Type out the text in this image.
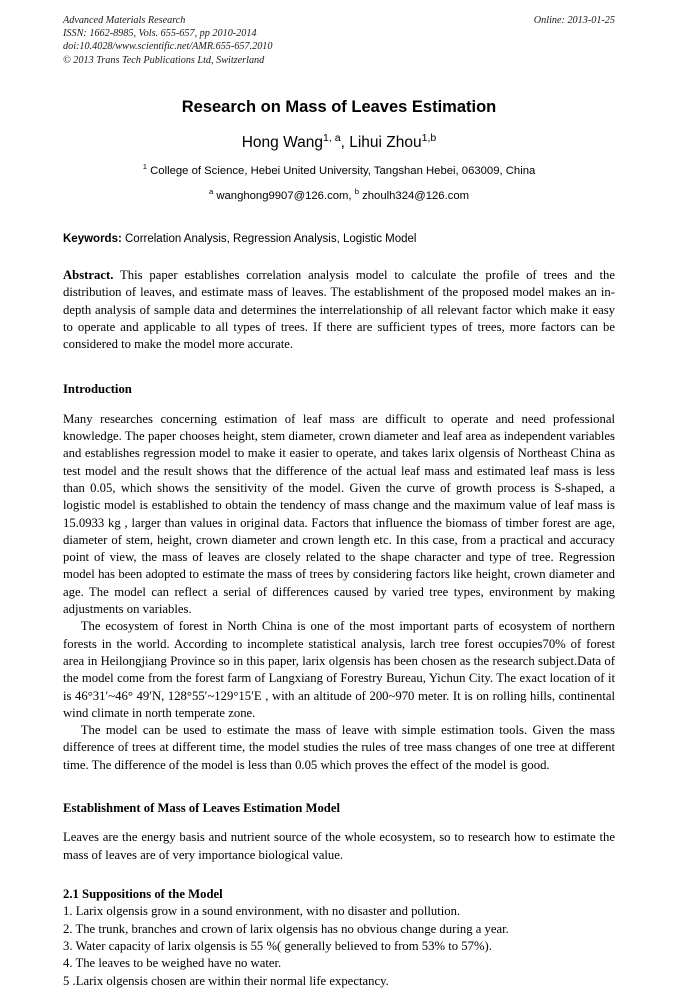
Advanced Materials Research
ISSN: 1662-8985, Vols. 655-657, pp 2010-2014
doi:10.4028/www.scientific.net/AMR.655-657.2010
© 2013 Trans Tech Publications Ltd, Switzerland
Online: 2013-01-25
Research on Mass of Leaves Estimation
Hong Wang$^{1, a}$, Lihui Zhou$^{1,b}$
$^1$ College of Science, Hebei United University, Tangshan Hebei, 063009, China
$^a$ wanghong9907@126.com, $^b$ zhoulh324@126.com
Keywords: Correlation Analysis, Regression Analysis, Logistic Model
Abstract. This paper establishes correlation analysis model to calculate the profile of trees and the distribution of leaves, and estimate mass of leaves. The establishment of the proposed model makes an in-depth analysis of sample data and determines the interrelationship of all relevant factor which make it easy to operate and applicable to all types of trees. If there are sufficient types of trees, more factors can be considered to make the model more accurate.
Introduction

Many researches concerning estimation of leaf mass are difficult to operate and need professional knowledge. The paper chooses height, stem diameter, crown diameter and leaf area as independent variables and establishes regression model to make it easier to operate, and takes larix olgensis of Northeast China as test model and the result shows that the difference of the actual leaf mass and estimated leaf mass is less than 0.05, which shows the sensitivity of the model. Given the curve of growth process is S-shaped, a logistic model is established to obtain the tendency of mass change and the maximum value of leaf mass is 15.0933 kg , larger than values in original data. Factors that influence the biomass of timber forest are age, diameter of stem, height, crown diameter and crown length etc. In this case, from a practical and accuracy point of view, the mass of leaves are closely related to the shape character and type of tree. Regression model has been adopted to estimate the mass of trees by considering factors like height, crown diameter and age. The model can reflect a serial of differences caused by varied tree types, environment by making adjustments on variables.

The ecosystem of forest in North China is one of the most important parts of ecosystem of northern forests in the world. According to incomplete statistical analysis, larch tree forest occupies70% of forest area in Heilongjiang Province so in this paper, larix olgensis has been chosen as the research subject.Data of the model come from the forest farm of Langxiang of Forestry Bureau, Yichun City. The exact location of it is 46°31′~46° 49′N, 128°55′~129°15′E , with an altitude of 200~970 meter. It is on rolling hills, continental wind climate in north temperate zone.

The model can be used to estimate the mass of leave with simple estimation tools. Given the mass difference of trees at different time, the model studies the rules of tree mass changes of one tree at different time. The difference of the model is less than 0.05 which proves the effect of the model is good.

Establishment of Mass of Leaves Estimation Model

Leaves are the energy basis and nutrient source of the whole ecosystem, so to research how to estimate the mass of leaves are of very importance biological value.

2.1 Suppositions of the Model
1. Larix olgensis grow in a sound environment, with no disaster and pollution.
2. The trunk, branches and crown of larix olgensis has no obvious change during a year.
3. Water capacity of larix olgensis is 55 %( generally believed to from 53% to 57%).
4. The leaves to be weighed have no water.
5 .Larix olgensis chosen are within their normal life expectancy.
